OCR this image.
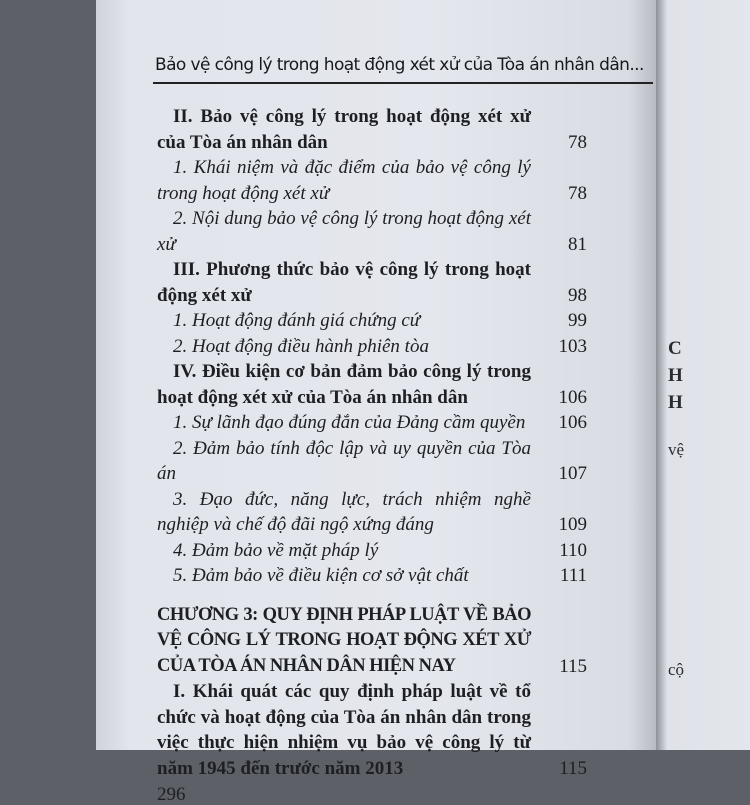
C
H
H
vệ
cộ
Bảo vệ công lý trong hoạt động xét xử của Tòa án nhân dân...
II. Bảo vệ công lý trong hoạt động xét xử của Tòa án nhân dân	78
1. Khái niệm và đặc điểm của bảo vệ công lý trong hoạt động xét xử	78
2. Nội dung bảo vệ công lý trong hoạt động xét xử	81
III. Phương thức bảo vệ công lý trong hoạt động xét xử	98
1. Hoạt động đánh giá chứng cứ	99
2. Hoạt động điều hành phiên tòa	103
IV. Điều kiện cơ bản đảm bảo công lý trong hoạt động xét xử của Tòa án nhân dân	106
1. Sự lãnh đạo đúng đắn của Đảng cầm quyền 106
2. Đảm bảo tính độc lập và uy quyền của Tòa án	107
3. Đạo đức, năng lực, trách nhiệm nghề nghiệp và chế độ đãi ngộ xứng đáng	109
4. Đảm bảo về mặt pháp lý	110
5. Đảm bảo về điều kiện cơ sở vật chất	111
CHƯƠNG 3: QUY ĐỊNH PHÁP LUẬT VỀ BẢO VỆ CÔNG LÝ TRONG HOẠT ĐỘNG XÉT XỬ CỦA TÒA ÁN NHÂN DÂN HIỆN NAY	115
I. Khái quát các quy định pháp luật về tổ chức và hoạt động của Tòa án nhân dân trong việc thực hiện nhiệm vụ bảo vệ công lý từ năm 1945 đến trước năm 2013	115
296
